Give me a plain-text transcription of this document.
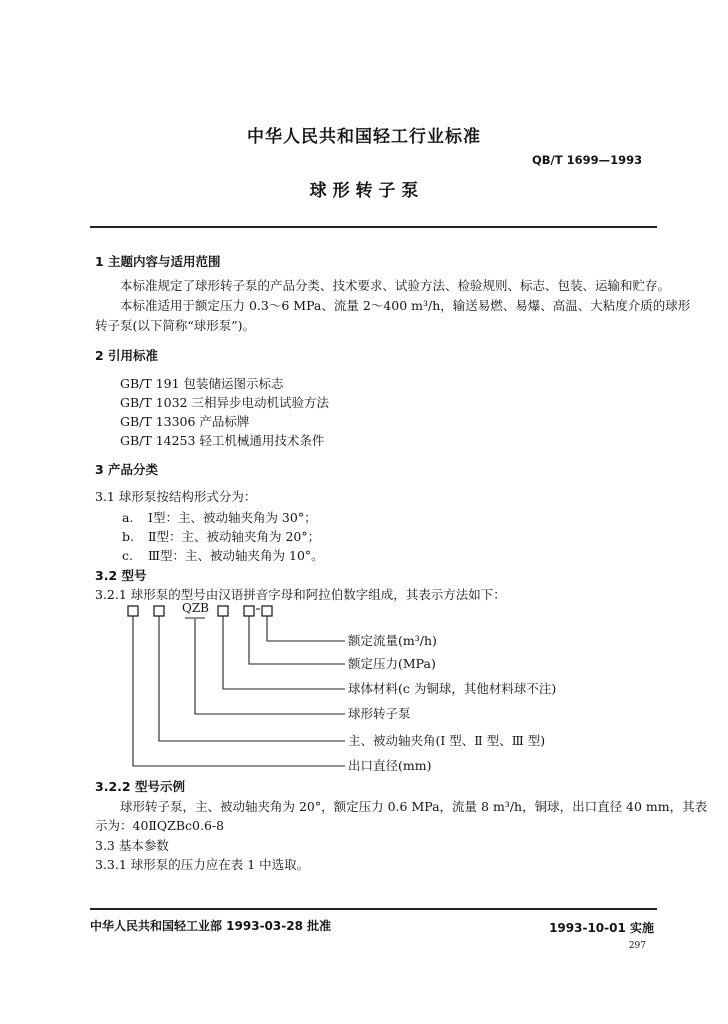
中华人民共和国轻工行业标准
QB/T 1699—1993
球 形 转 子 泵
1 主题内容与适用范围
本标准规定了球形转子泵的产品分类、技术要求、试验方法、检验规则、标志、包装、运输和贮存。
本标准适用于额定压力 0.3～6 MPa、流量 2～400 m³/h，输送易燃、易爆、高温、大粘度介质的球形
转子泵(以下简称“球形泵”)。
2 引用标准
GB/T 191 包装储运图示标志
GB/T 1032 三相异步电动机试验方法
GB/T 13306 产品标牌
GB/T 14253 轻工机械通用技术条件
3 产品分类
3.1 球形泵按结构形式分为：
a. Ⅰ型：主、被动轴夹角为 30°；
b. Ⅱ型：主、被动轴夹角为 20°；
c. Ⅲ型：主、被动轴夹角为 10°。
3.2 型号
3.2.1 球形泵的型号由汉语拼音字母和阿拉伯数字组成，其表示方法如下：
QZB
额定流量(m³/h)
额定压力(MPa)
球体材料(c 为铜球，其他材料球不注)
球形转子泵
主、被动轴夹角(Ⅰ 型、Ⅱ 型、Ⅲ 型)
出口直径(mm)
3.2.2 型号示例
球形转子泵，主、被动轴夹角为 20°，额定压力 0.6 MPa，流量 8 m³/h，铜球，出口直径 40 mm，其表
示为：40ⅡQZBc0.6-8
3.3 基本参数
3.3.1 球形泵的压力应在表 1 中选取。
中华人民共和国轻工业部 1993-03-28 批准	1993-10-01 实施
297
